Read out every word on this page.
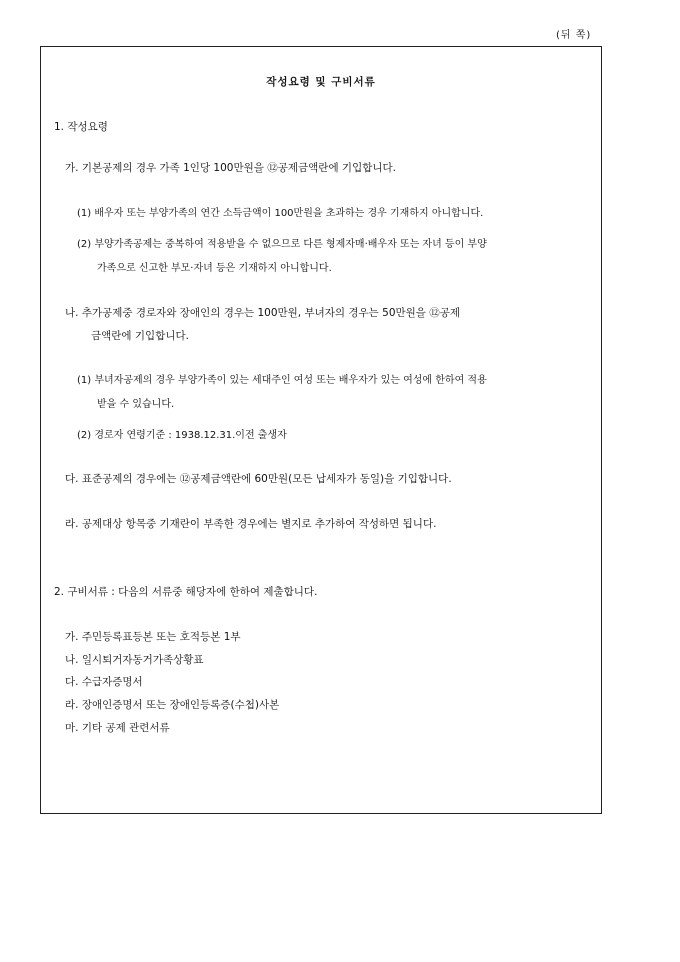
(뒤 쪽)
작성요령 및 구비서류
1. 작성요령
가. 기본공제의 경우 가족 1인당 100만원을 ⑫공제금액란에 기입합니다.
(1) 배우자 또는 부양가족의 연간 소득금액이 100만원을 초과하는 경우 기재하지 아니합니다.
(2) 부양가족공제는 중복하여 적용받을 수 없으므로 다른 형제자매·배우자 또는 자녀 등이 부양
가족으로 신고한 부모·자녀 등은 기재하지 아니합니다.
나. 추가공제중 경로자와 장애인의 경우는 100만원, 부녀자의 경우는 50만원을 ⑫공제
금액란에 기입합니다.
(1) 부녀자공제의 경우 부양가족이 있는 세대주인 여성 또는 배우자가 있는 여성에 한하여 적용
받을 수 있습니다.
(2) 경로자 연령기준 : 1938.12.31.이전 출생자
다. 표준공제의 경우에는 ⑫공제금액란에 60만원(모든 납세자가 동일)을 기입합니다.
라. 공제대상 항목중 기재란이 부족한 경우에는 별지로 추가하여 작성하면 됩니다.
2. 구비서류 : 다음의 서류중 해당자에 한하여 제출합니다.
가. 주민등록표등본 또는 호적등본 1부
나. 일시퇴거자동거가족상황표
다. 수급자증명서
라. 장애인증명서 또는 장애인등록증(수첩)사본
마. 기타 공제 관련서류
